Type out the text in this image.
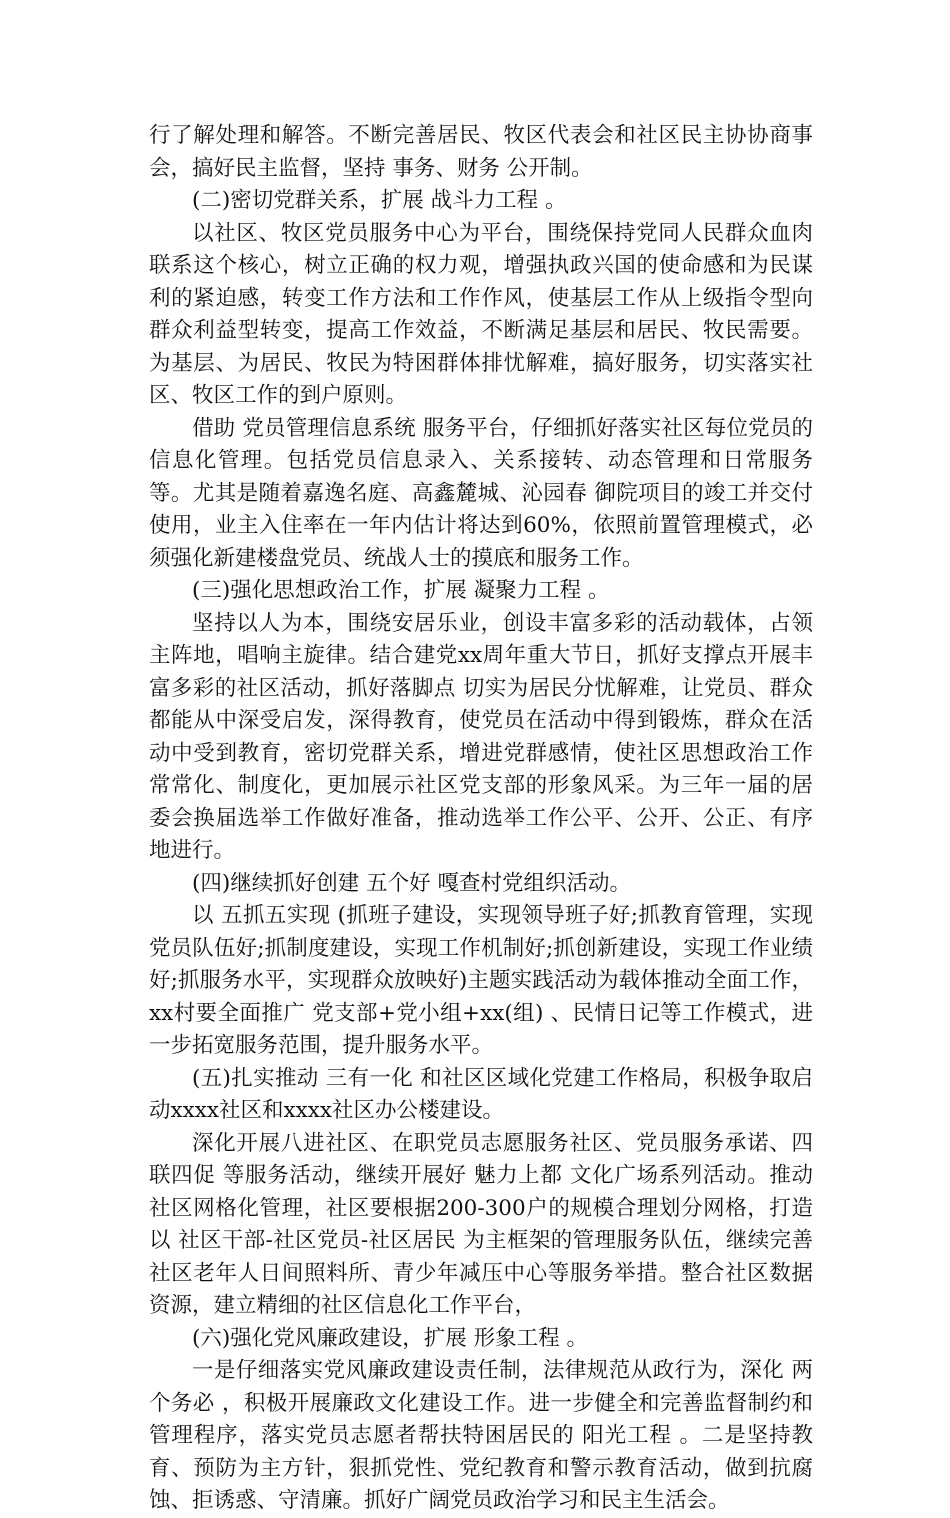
行了解处理和解答。不断完善居民、牧区代表会和社区民主协协商事会，搞好民主监督，坚持 事务、财务 公开制。

(二)密切党群关系，扩展 战斗力工程 。

以社区、牧区党员服务中心为平台，围绕保持党同人民群众血肉联系这个核心，树立正确的权力观，增强执政兴国的使命感和为民谋利的紧迫感，转变工作方法和工作作风，使基层工作从上级指令型向群众利益型转变，提高工作效益，不断满足基层和居民、牧民需要。为基层、为居民、牧民为特困群体排忧解难，搞好服务，切实落实社区、牧区工作的到户原则。

借助 党员管理信息系统 服务平台，仔细抓好落实社区每位党员的信息化管理。包括党员信息录入、关系接转、动态管理和日常服务等。尤其是随着嘉逸名庭、高鑫麓城、沁园春 御院项目的竣工并交付使用，业主入住率在一年内估计将达到60%，依照前置管理模式，必须强化新建楼盘党员、统战人士的摸底和服务工作。

(三)强化思想政治工作，扩展 凝聚力工程 。

坚持以人为本，围绕安居乐业，创设丰富多彩的活动载体，占领主阵地，唱响主旋律。结合建党xx周年重大节日，抓好支撑点开展丰富多彩的社区活动，抓好落脚点 切实为居民分忧解难，让党员、群众都能从中深受启发，深得教育，使党员在活动中得到锻炼，群众在活动中受到教育，密切党群关系，增进党群感情，使社区思想政治工作常常化、制度化，更加展示社区党支部的形象风采。为三年一届的居委会换届选举工作做好准备，推动选举工作公平、公开、公正、有序地进行。

(四)继续抓好创建 五个好 嘎查村党组织活动。

以 五抓五实现 (抓班子建设，实现领导班子好;抓教育管理，实现党员队伍好;抓制度建设，实现工作机制好;抓创新建设，实现工作业绩好;抓服务水平，实现群众放映好)主题实践活动为载体推动全面工作，xx村要全面推广 党支部+党小组+xx(组) 、民情日记等工作模式，进一步拓宽服务范围，提升服务水平。

(五)扎实推动 三有一化 和社区区域化党建工作格局，积极争取启动xxxx社区和xxxx社区办公楼建设。

深化开展八进社区、在职党员志愿服务社区、党员服务承诺、四联四促 等服务活动，继续开展好 魅力上都 文化广场系列活动。推动社区网格化管理，社区要根据200-300户的规模合理划分网格，打造以 社区干部-社区党员-社区居民 为主框架的管理服务队伍，继续完善社区老年人日间照料所、青少年减压中心等服务举措。整合社区数据资源，建立精细的社区信息化工作平台，

(六)强化党风廉政建设，扩展 形象工程 。

一是仔细落实党风廉政建设责任制，法律规范从政行为，深化 两个务必 ，积极开展廉政文化建设工作。进一步健全和完善监督制约和管理程序，落实党员志愿者帮扶特困居民的 阳光工程 。二是坚持教育、预防为主方针，狠抓党性、党纪教育和警示教育活动，做到抗腐蚀、拒诱惑、守清廉。抓好广阔党员政治学习和民主生活会。
